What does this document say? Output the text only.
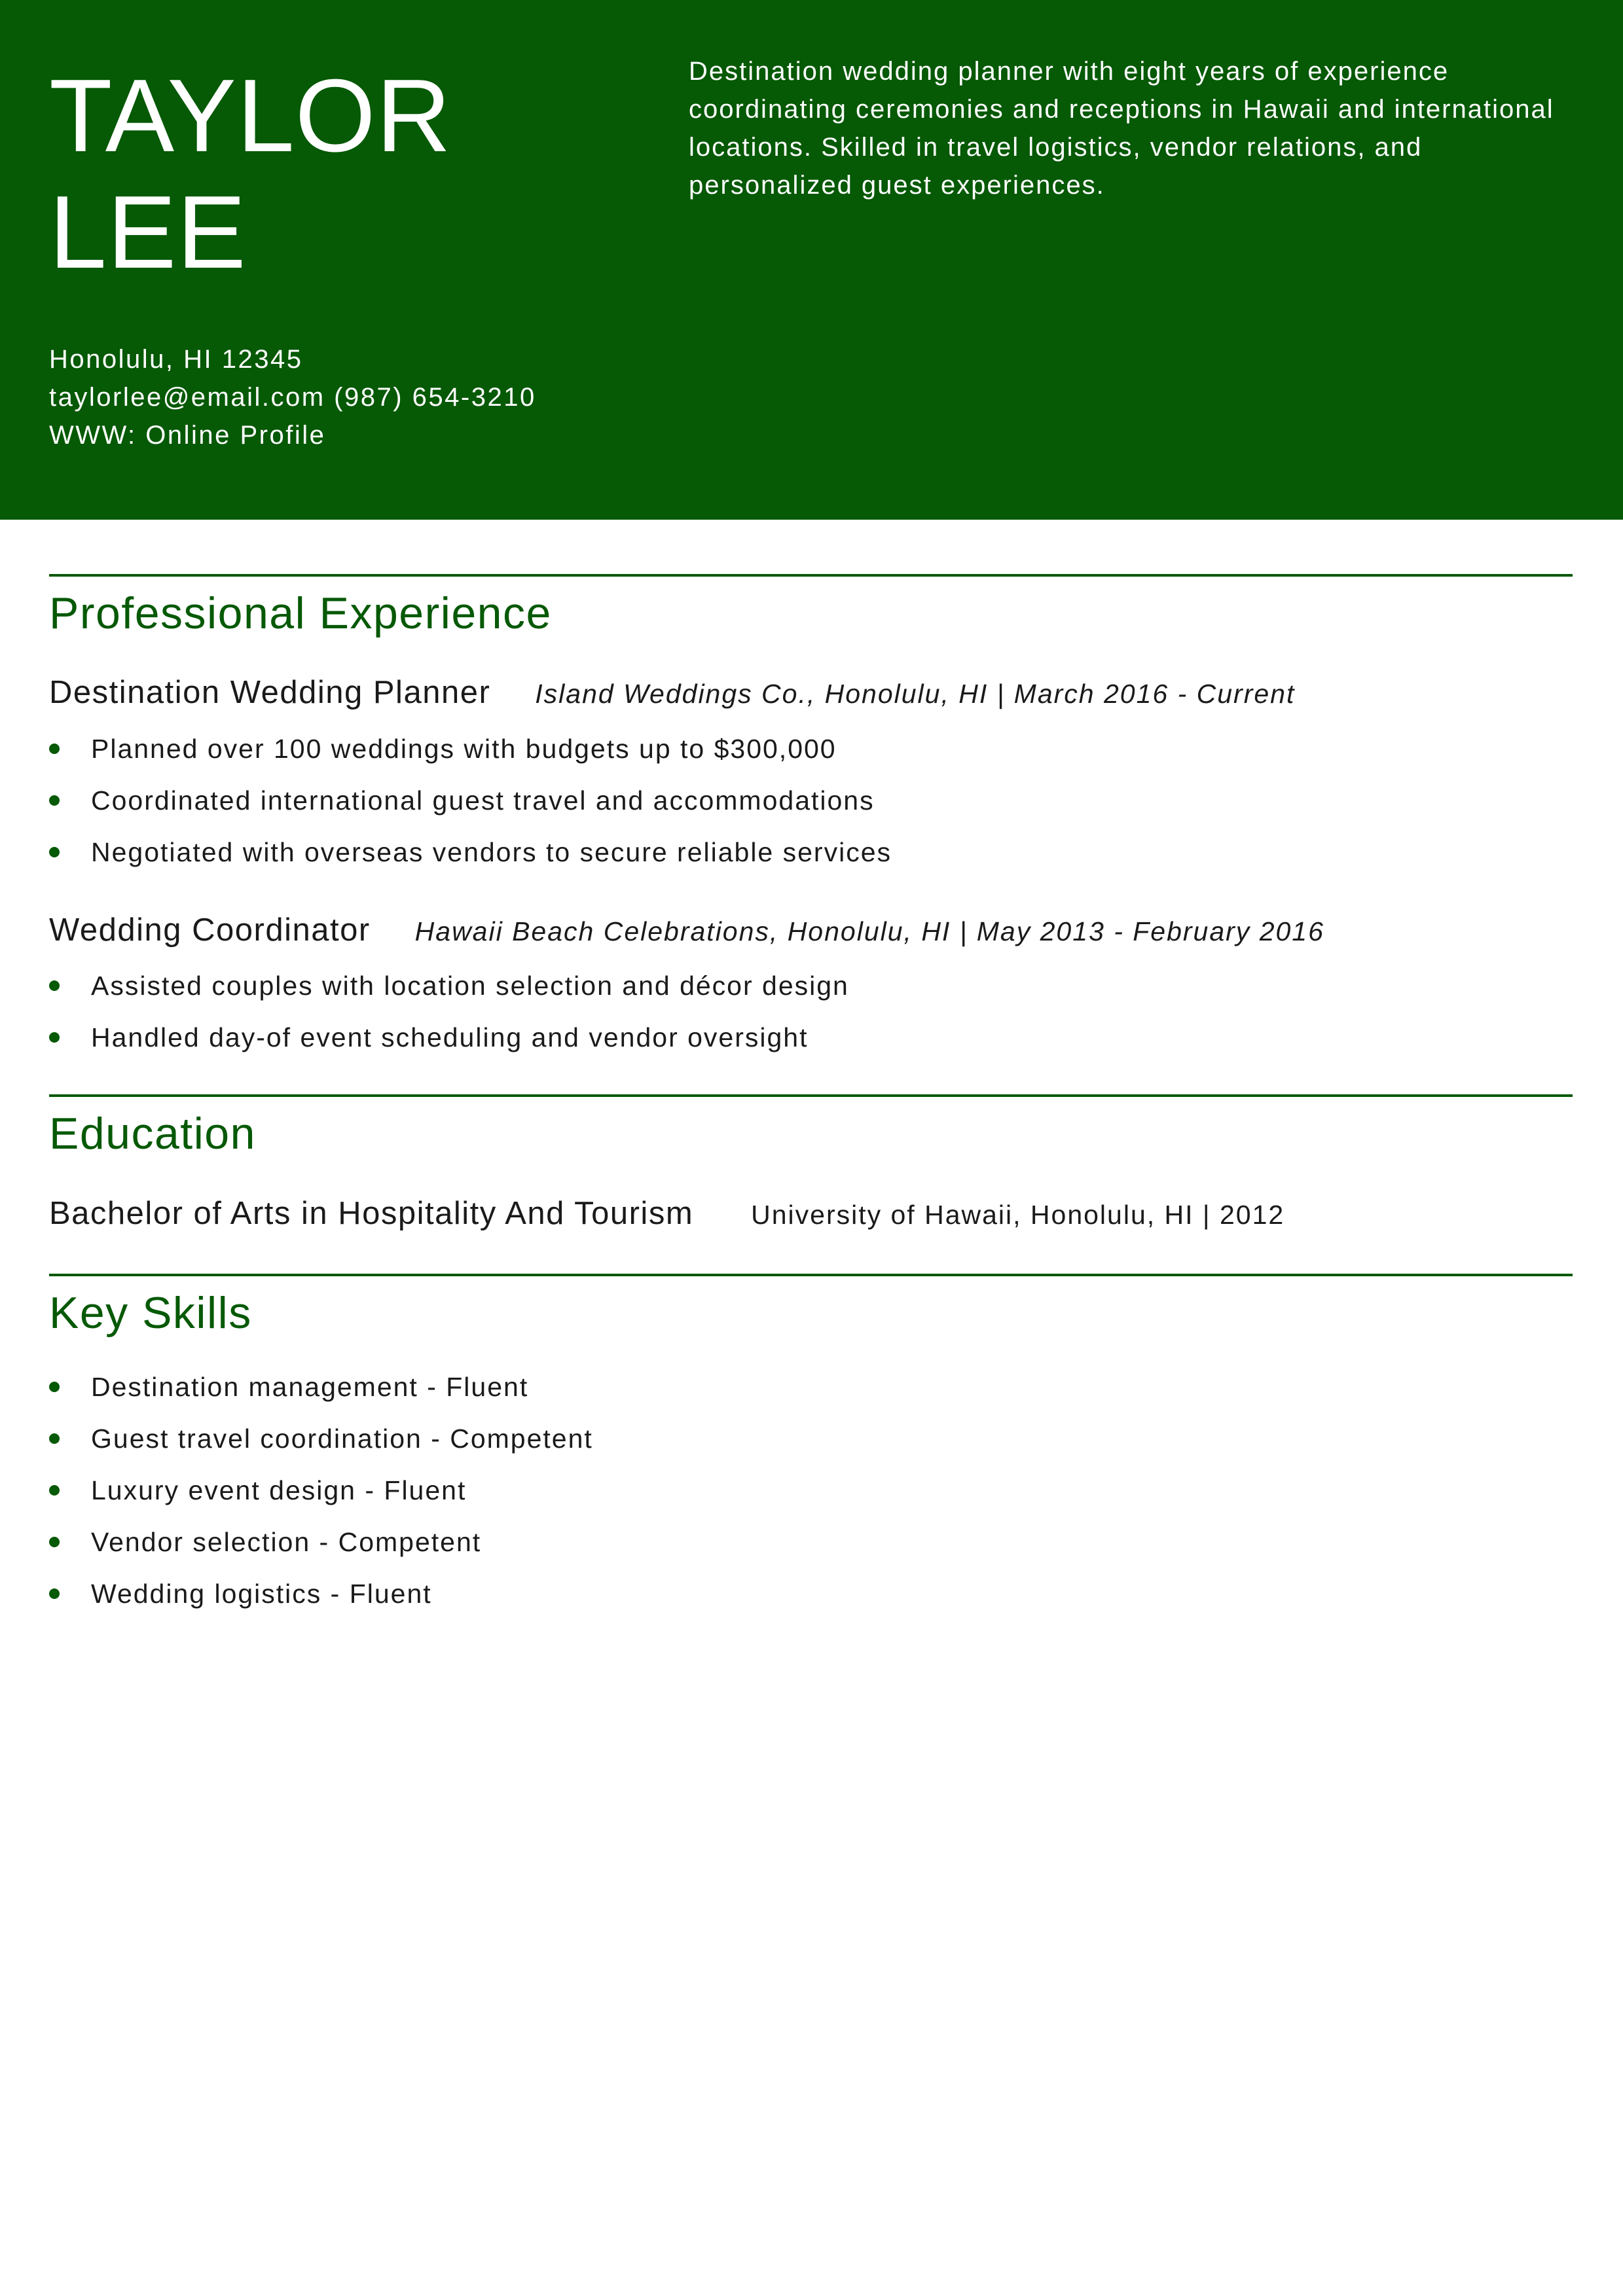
TAYLOR
LEE
Destination wedding planner with eight years of experience coordinating ceremonies and receptions in Hawaii and international locations. Skilled in travel logistics, vendor relations, and personalized guest experiences.
Honolulu, HI 12345
taylorlee@email.com (987) 654-3210
WWW: Online Profile
Professional Experience
Destination Wedding Planner Island Weddings Co., Honolulu, HI | March 2016 - Current
Planned over 100 weddings with budgets up to $300,000
Coordinated international guest travel and accommodations
Negotiated with overseas vendors to secure reliable services
Wedding Coordinator Hawaii Beach Celebrations, Honolulu, HI | May 2013 - February 2016
Assisted couples with location selection and décor design
Handled day-of event scheduling and vendor oversight
Education
Bachelor of Arts in Hospitality And Tourism University of Hawaii, Honolulu, HI | 2012
Key Skills
Destination management - Fluent
Guest travel coordination - Competent
Luxury event design - Fluent
Vendor selection - Competent
Wedding logistics - Fluent
